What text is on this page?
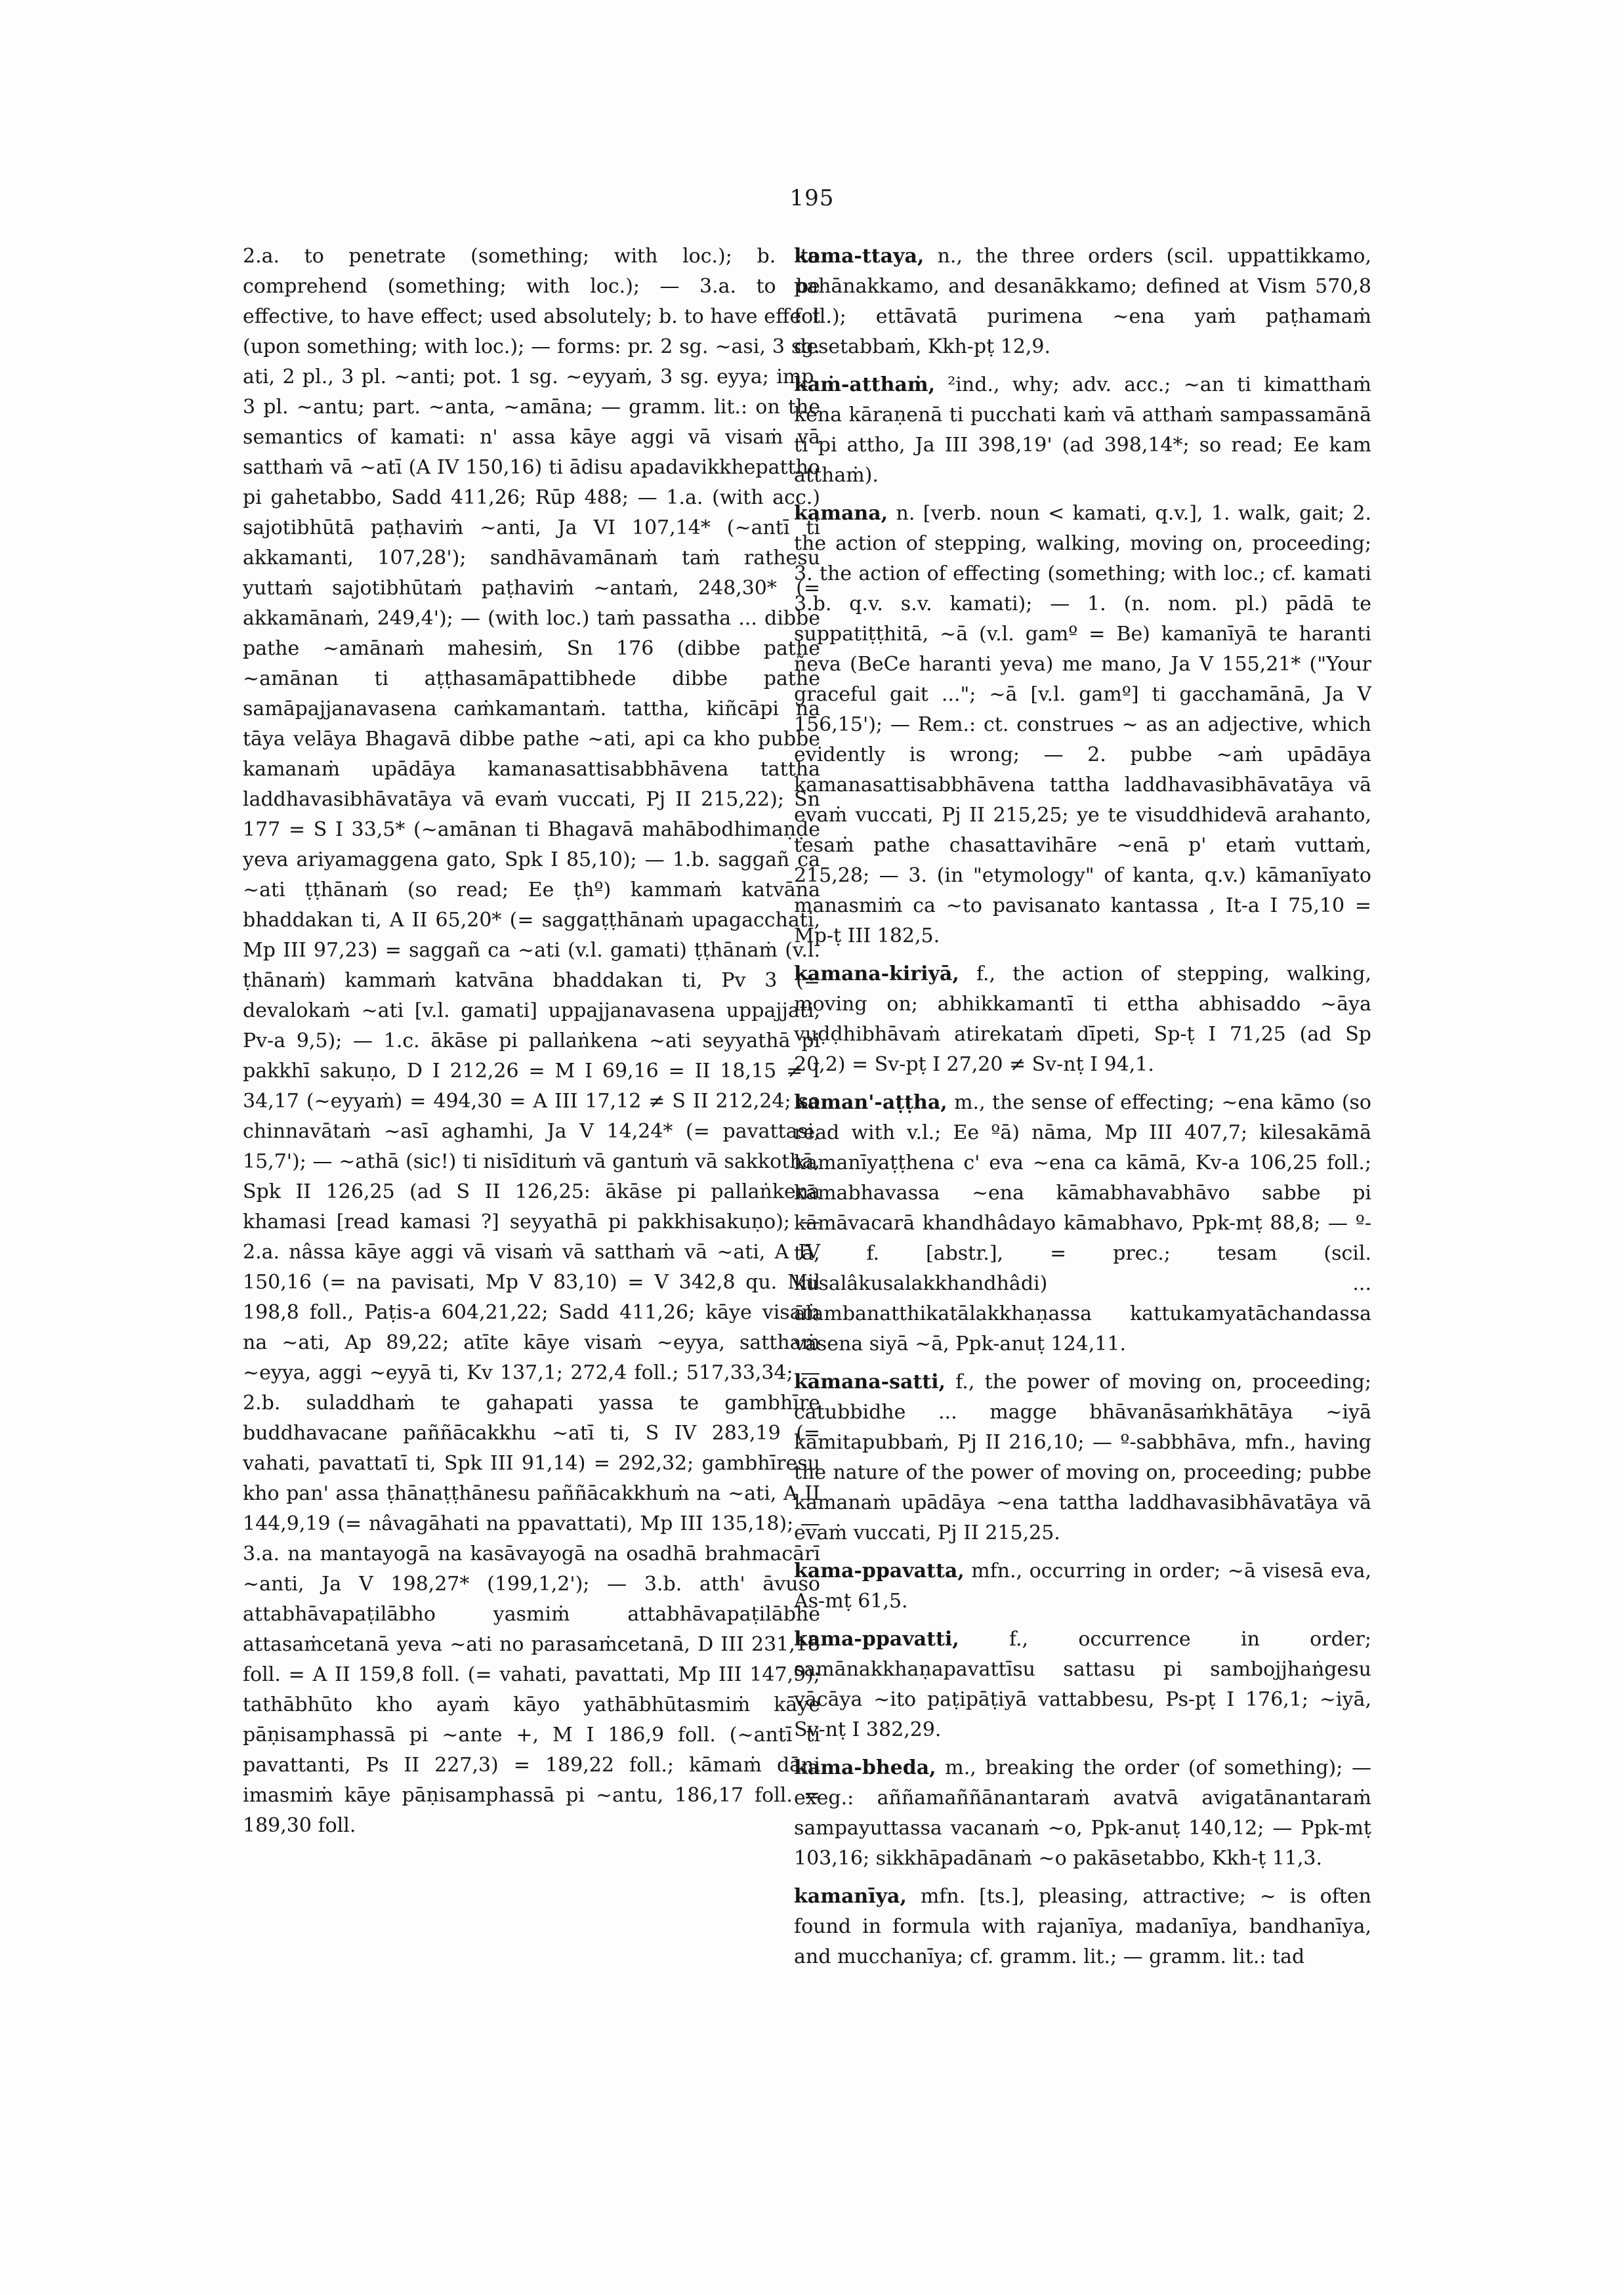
195

2.a. to penetrate (something; with loc.); b. to comprehend (something; with loc.); — 3.a. to be effective, to have effect; used absolutely; b. to have effect (upon something; with loc.); — forms: pr. 2 sg. ~asi, 3 sg. ati, 2 pl., 3 pl. ~anti; pot. 1 sg. ~eyyaṁ, 3 sg. eyya; imp. 3 pl. ~antu; part. ~anta, ~amāna; — gramm. lit.: on the semantics of kamati: n' assa kāye aggi vā visaṁ vā satthaṁ vā ~atī (A IV 150,16) ti ādisu apadavikkhepattho pi gahetabbo, Sadd 411,26; Rūp 488; — 1.a. (with acc.) sajotibhūtā paṭhaviṁ ~anti, Ja VI 107,14* (~antī ti akkamanti, 107,28'); sandhāvamānaṁ taṁ rathesu yuttaṁ sajotibhūtaṁ paṭhaviṁ ~antaṁ, 248,30* (= akkamānaṁ, 249,4'); — (with loc.) taṁ passatha ... dibbe pathe ~amānaṁ mahesiṁ, Sn 176 (dibbe pathe ~amānan ti aṭṭhasamāpattibhede dibbe pathe samāpajjanavasena caṁkamantaṁ. tattha, kiñcāpi na tāya velāya Bhagavā dibbe pathe ~ati, api ca kho pubbe kamanaṁ upādāya kamanasattisabbhāvena tattha laddhavasibhāvatāya vā evaṁ vuccati, Pj II 215,22); Sn 177 = S I 33,5* (~amānan ti Bhagavā mahābodhimaṇḍe yeva ariyamaggena gato, Spk I 85,10); — 1.b. saggañ ca ~ati ṭṭhānaṁ (so read; Ee ṭhº) kammaṁ katvāna bhaddakan ti, A II 65,20* (= saggaṭṭhānaṁ upagacchati, Mp III 97,23) = saggañ ca ~ati (v.l. gamati) ṭṭhānaṁ (v.l. ṭhānaṁ) kammaṁ katvāna bhaddakan ti, Pv 3 (= devalokaṁ ~ati [v.l. gamati] uppajjanavasena uppajjati, Pv-a 9,5); — 1.c. ākāse pi pallaṅkena ~ati seyyathā pi pakkhī sakuṇo, D I 212,26 = M I 69,16 = II 18,15 ≠ I 34,17 (~eyyaṁ) = 494,30 = A III 17,12 ≠ S II 212,24; so chinnavātaṁ ~asī aghamhi, Ja V 14,24* (= pavattasi, 15,7'); — ~athā (sic!) ti nisīdituṁ vā gantuṁ vā sakkothā, Spk II 126,25 (ad S II 126,25: ākāse pi pallaṅkena khamasi [read kamasi ?] seyyathā pi pakkhisakuṇo); — 2.a. nâssa kāye aggi vā visaṁ vā satthaṁ vā ~ati, A IV 150,16 (= na pavisati, Mp V 83,10) = V 342,8 qu. Mil 198,8 foll., Paṭis-a 604,21,22; Sadd 411,26; kāye visaṁ na ~ati, Ap 89,22; atīte kāye visaṁ ~eyya, satthaṁ ~eyya, aggi ~eyyā ti, Kv 137,1; 272,4 foll.; 517,33,34; — 2.b. suladdhaṁ te gahapati yassa te gambhīre buddhavacane paññācakkhu ~atī ti, S IV 283,19 (= vahati, pavattatī ti, Spk III 91,14) = 292,32; gambhīresu kho pan' assa ṭhānaṭṭhānesu paññācakkhuṁ na ~ati, A II 144,9,19 (= nâvagāhati na ppavattati), Mp III 135,18); — 3.a. na mantayogā na kasāvayogā na osadhā brahmacārī ~anti, Ja V 198,27* (199,1,2'); — 3.b. atth' āvuso attabhāvapaṭilābho yasmiṁ attabhāvapaṭilābhe attasaṁcetanā yeva ~ati no parasaṁcetanā, D III 231,18 foll. = A II 159,8 foll. (= vahati, pavattati, Mp III 147,9); tathābhūto kho ayaṁ kāyo yathābhūtasmiṁ kāye pāṇisamphassā pi ~ante +, M I 186,9 foll. (~antī ti pavattanti, Ps II 227,3) = 189,22 foll.; kāmaṁ dāni imasmiṁ kāye pāṇisamphassā pi ~antu, 186,17 foll. = 189,30 foll.

kama-ttaya, n., the three orders (scil. uppattikkamo, pahānakkamo, and desanākkamo; defined at Vism 570,8 foll.); ettāvatā purimena ~ena yaṁ paṭhamaṁ desetabbaṁ, Kkh-pṭ 12,9.

kaṁ-atthaṁ, ²ind., why; adv. acc.; ~an ti kimatthaṁ kena kāraṇenā ti pucchati kaṁ vā atthaṁ sampassamānā ti pi attho, Ja III 398,19' (ad 398,14*; so read; Ee kam atthaṁ).

kamana, n. [verb. noun < kamati, q.v.], 1. walk, gait; 2. the action of stepping, walking, moving on, proceeding; 3. the action of effecting (something; with loc.; cf. kamati 3.b. q.v. s.v. kamati); — 1. (n. nom. pl.) pādā te suppatiṭṭhitā, ~ā (v.l. gamº = Be) kamanīyā te haranti ñeva (BeCe haranti yeva) me mano, Ja V 155,21* ("Your graceful gait ..."; ~ā [v.l. gamº] ti gacchamānā, Ja V 156,15'); — Rem.: ct. construes ~ as an adjective, which evidently is wrong; — 2. pubbe ~aṁ upādāya kamanasattisabbhāvena tattha laddhavasibhāvatāya vā evaṁ vuccati, Pj II 215,25; ye te visuddhidevā arahanto, tesaṁ pathe chasattavihāre ~enā p' etaṁ vuttaṁ, 215,28; — 3. (in "etymology" of kanta, q.v.) kāmanīyato manasmiṁ ca ~to pavisanato kantassa , It-a I 75,10 = Mp-ṭ III 182,5.

kamana-kiriyā, f., the action of stepping, walking, moving on; abhikkamantī ti ettha abhisaddo ~āya vuḍḍhibhāvaṁ atirekataṁ dīpeti, Sp-ṭ I 71,25 (ad Sp 20,2) = Sv-pṭ I 27,20 ≠ Sv-nṭ I 94,1.

kaman'-aṭṭha, m., the sense of effecting; ~ena kāmo (so read with v.l.; Ee ºā) nāma, Mp III 407,7; kilesakāmā kamanīyaṭṭhena c' eva ~ena ca kāmā, Kv-a 106,25 foll.; kāmabhavassa ~ena kāmabhavabhāvo sabbe pi kāmāvacarā khandhâdayo kāmabhavo, Ppk-mṭ 88,8; — º-tā, f. [abstr.], = prec.; tesam (scil. kusalâkusalakkhandhâdi) ... ālambanatthikatālakkhaṇassa kattukamyatāchandassa vasena siyā ~ā, Ppk-anuṭ 124,11.

kamana-satti, f., the power of moving on, proceeding; catubbidhe ... magge bhāvanāsaṁkhātāya ~iyā kamitapubbaṁ, Pj II 216,10; — º-sabbhāva, mfn., having the nature of the power of moving on, proceeding; pubbe kamanaṁ upādāya ~ena tattha laddhavasibhāvatāya vā evaṁ vuccati, Pj II 215,25.

kama-ppavatta, mfn., occurring in order; ~ā visesā eva, As-mṭ 61,5.

kama-ppavatti,	f., occurrence in order; samānakkhaṇapavattīsu sattasu pi sambojjhaṅgesu vācāya ~ito paṭipāṭiyā vattabbesu, Ps-pṭ I 176,1; ~iyā, Sv-nṭ I 382,29.

kama-bheda, m., breaking the order (of something); — exeg.: aññamaññānantaraṁ avatvā avigatānantaraṁ sampayuttassa vacanaṁ ~o, Ppk-anuṭ 140,12; — Ppk-mṭ 103,16; sikkhāpadānaṁ ~o pakāsetabbo, Kkh-ṭ 11,3.

kamanīya, mfn. [ts.], pleasing, attractive; ~ is often found in formula with rajanīya, madanīya, bandhanīya, and mucchanīya; cf. gramm. lit.; — gramm. lit.: tad
